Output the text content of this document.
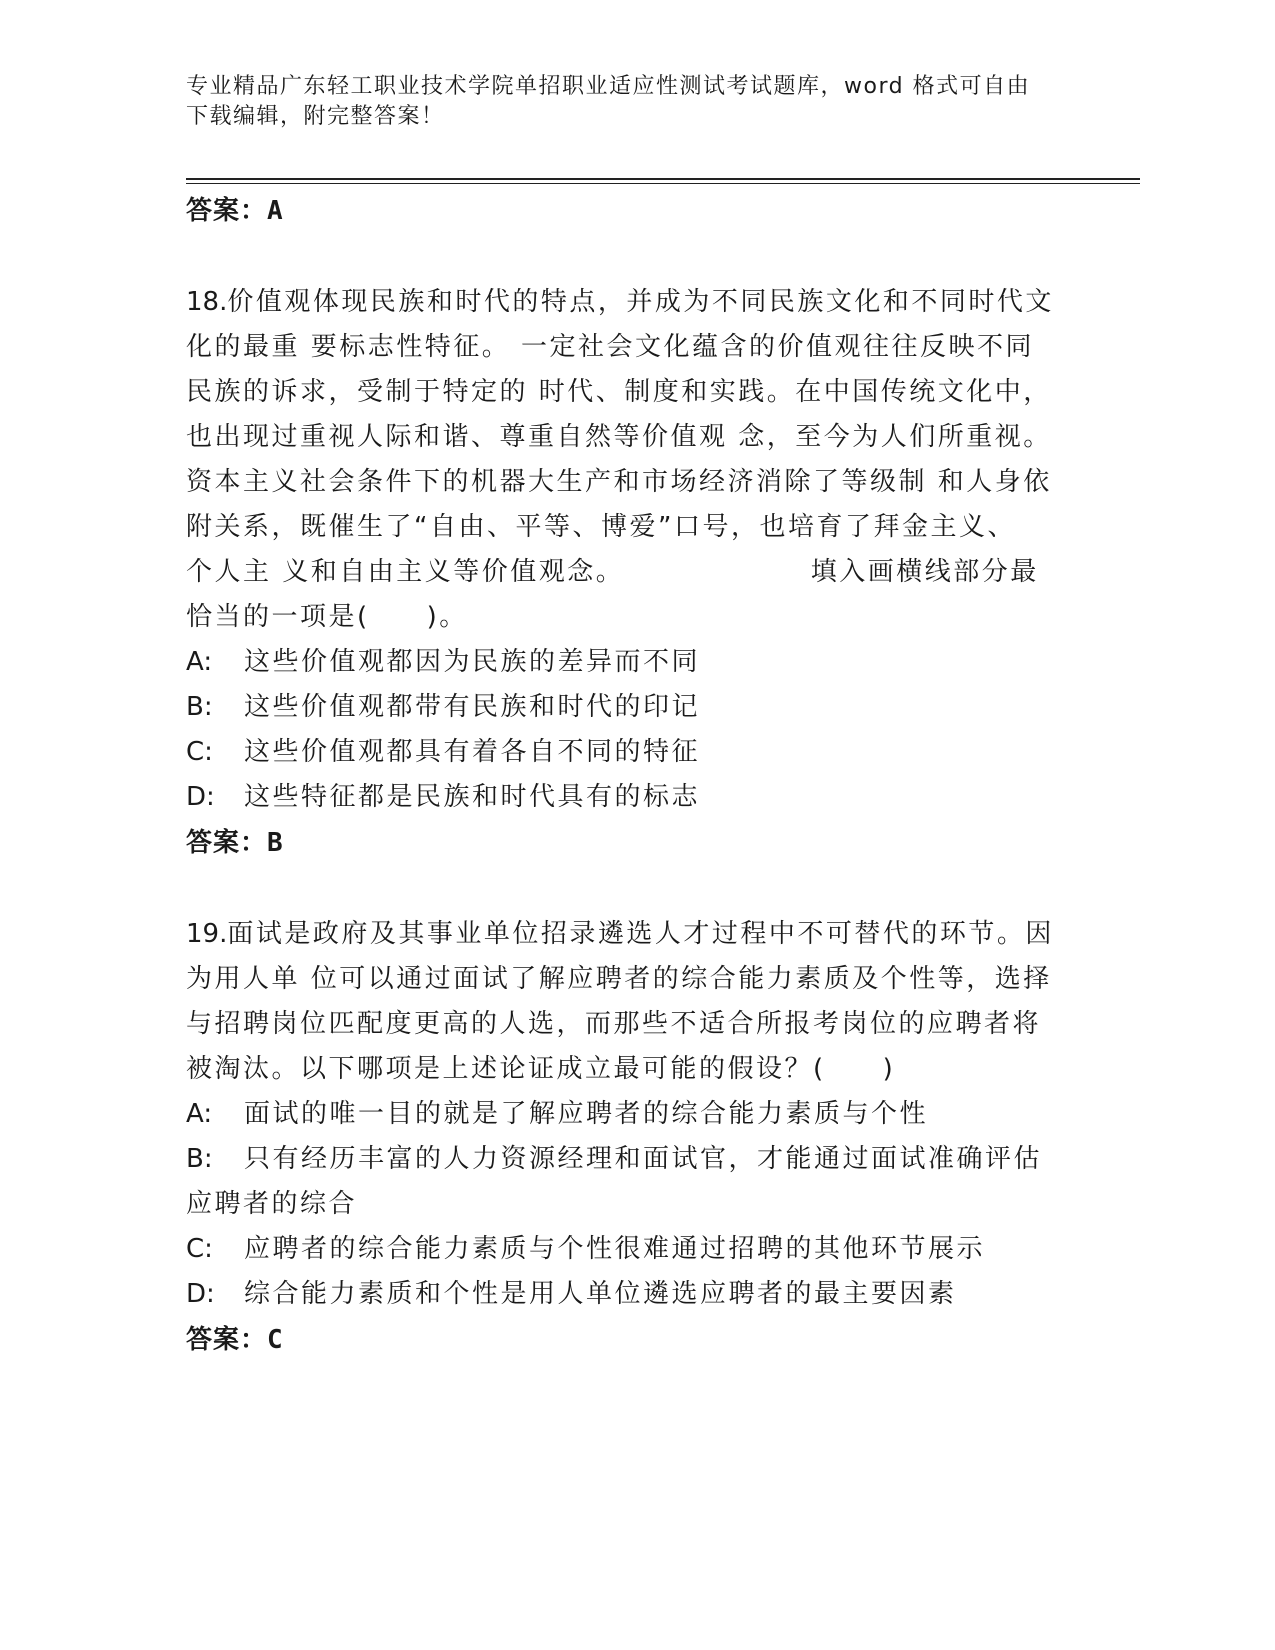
专业精品广东轻工职业技术学院单招职业适应性测试考试题库，word 格式可自由
下载编辑，附完整答案！
答案：A
18.价值观体现民族和时代的特点，并成为不同民族文化和不同时代文
化的最重 要标志性特征。 一定社会文化蕴含的价值观往往反映不同
民族的诉求，受制于特定的 时代、制度和实践。在中国传统文化中，
也出现过重视人际和谐、尊重自然等价值观 念，至今为人们所重视。
资本主义社会条件下的机器大生产和市场经济消除了等级制 和人身依
附关系，既催生了“自由、平等、博爱”口号，也培育了拜金主义、
个人主 义和自由主义等价值观念。　　　　　　　填入画横线部分最
恰当的一项是(　　)。
A:	这些价值观都因为民族的差异而不同
B:	这些价值观都带有民族和时代的印记
C:	这些价值观都具有着各自不同的特征
D:	这些特征都是民族和时代具有的标志
答案：B
19.面试是政府及其事业单位招录遴选人才过程中不可替代的环节。因
为用人单 位可以通过面试了解应聘者的综合能力素质及个性等，选择
与招聘岗位匹配度更高的人选，而那些不适合所报考岗位的应聘者将
被淘汰。以下哪项是上述论证成立最可能的假设？(　　)
A:	面试的唯一目的就是了解应聘者的综合能力素质与个性
B: 只有经历丰富的人力资源经理和面试官，才能通过面试准确评估
应聘者的综合
C:	应聘者的综合能力素质与个性很难通过招聘的其他环节展示
D:	综合能力素质和个性是用人单位遴选应聘者的最主要因素
答案：C
